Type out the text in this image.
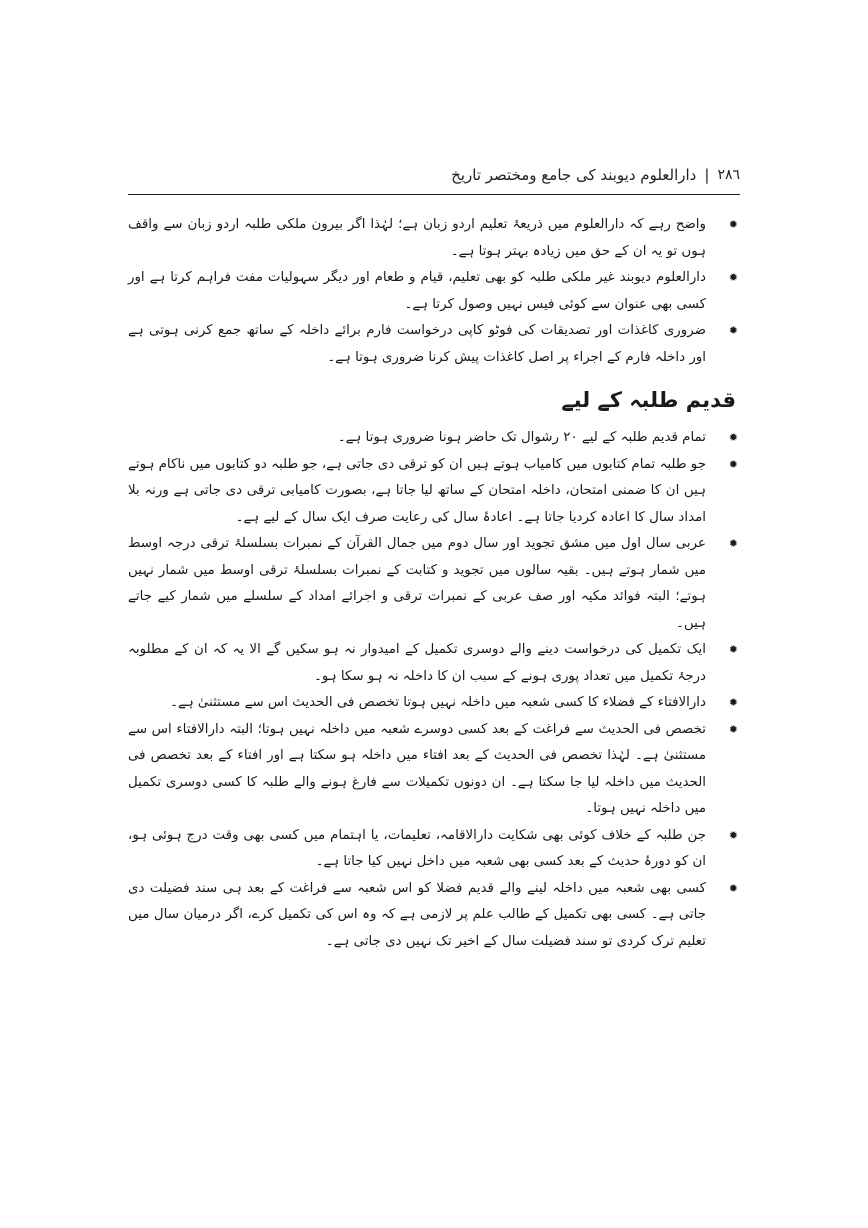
٢٨٦
|
دارالعلوم دیوبند کی جامع ومختصر تاریخ
✹
واضح رہے کہ دارالعلوم میں ذریعۂ تعلیم اردو زبان ہے؛ لہٰذا اگر بیرون ملکی طلبہ اردو زبان سے واقف ہوں تو یہ ان کے حق میں زیادہ بہتر ہوتا ہے۔
✹
دارالعلوم دیوبند غیر ملکی طلبہ کو بھی تعلیم، قیام و طعام اور دیگر سہولیات مفت فراہم کرتا ہے اور کسی بھی عنوان سے کوئی فیس نہیں وصول کرتا ہے۔
✹
ضروری کاغذات اور تصدیقات کی فوٹو کاپی درخواست فارم برائے داخلہ کے ساتھ جمع کرنی ہوتی ہے اور داخلہ فارم کے اجراء پر اصل کاغذات پیش کرنا ضروری ہوتا ہے۔
قدیم طلبہ کے لیے
✹
تمام قدیم طلبہ کے لیے ٢٠ رشوال تک حاضر ہونا ضروری ہوتا ہے۔
✹
جو طلبہ تمام کتابوں میں کامیاب ہوتے ہیں ان کو ترقی دی جاتی ہے، جو طلبہ دو کتابوں میں ناکام ہوتے ہیں ان کا ضمنی امتحان، داخلہ امتحان کے ساتھ لیا جاتا ہے، بصورت کامیابی ترقی دی جاتی ہے ورنہ بلا امداد سال کا اعادہ کردیا جاتا ہے۔ اعادۂ سال کی رعایت صرف ایک سال کے لیے ہے۔
✹
عربی سال اول میں مشق تجوید اور سال دوم میں جمال القرآن کے نمبرات بسلسلۂ ترقی درجہ اوسط میں شمار ہوتے ہیں۔ بقیہ سالوں میں تجوید و کتابت کے نمبرات بسلسلۂ ترقی اوسط میں شمار نہیں ہوتے؛ البتہ فوائد مکیہ اور صف عربی کے نمبرات ترقی و اجرائے امداد کے سلسلے میں شمار کیے جاتے ہیں۔
✹
ایک تکمیل کی درخواست دینے والے دوسری تکمیل کے امیدوار نہ ہو سکیں گے الا یہ کہ ان کے مطلوبہ درجۂ تکمیل میں تعداد پوری ہونے کے سبب ان کا داخلہ نہ ہو سکا ہو۔
✹
دارالافتاء کے فضلاء کا کسی شعبہ میں داخلہ نہیں ہوتا تخصص فی الحدیث اس سے مستثنیٰ ہے۔
✹
تخصص فی الحدیث سے فراغت کے بعد کسی دوسرے شعبہ میں داخلہ نہیں ہوتا؛ البتہ دارالافتاء اس سے مستثنیٰ ہے۔ لہٰذا تخصص فی الحدیث کے بعد افتاء میں داخلہ ہو سکتا ہے اور افتاء کے بعد تخصص فی الحدیث میں داخلہ لیا جا سکتا ہے۔ ان دونوں تکمیلات سے فارغ ہونے والے طلبہ کا کسی دوسری تکمیل میں داخلہ نہیں ہوتا۔
✹
جن طلبہ کے خلاف کوئی بھی شکایت دارالاقامہ، تعلیمات، یا اہتمام میں کسی بھی وقت درج ہوئی ہو، ان کو دورۂ حدیث کے بعد کسی بھی شعبہ میں داخل نہیں کیا جاتا ہے۔
✹
کسی بھی شعبہ میں داخلہ لینے والے قدیم فضلا کو اس شعبہ سے فراغت کے بعد ہی سند فضیلت دی جاتی ہے۔ کسی بھی تکمیل کے طالب علم پر لازمی ہے کہ وہ اس کی تکمیل کرے، اگر درمیان سال میں تعلیم ترک کردی تو سند فضیلت سال کے اخیر تک نہیں دی جاتی ہے۔
